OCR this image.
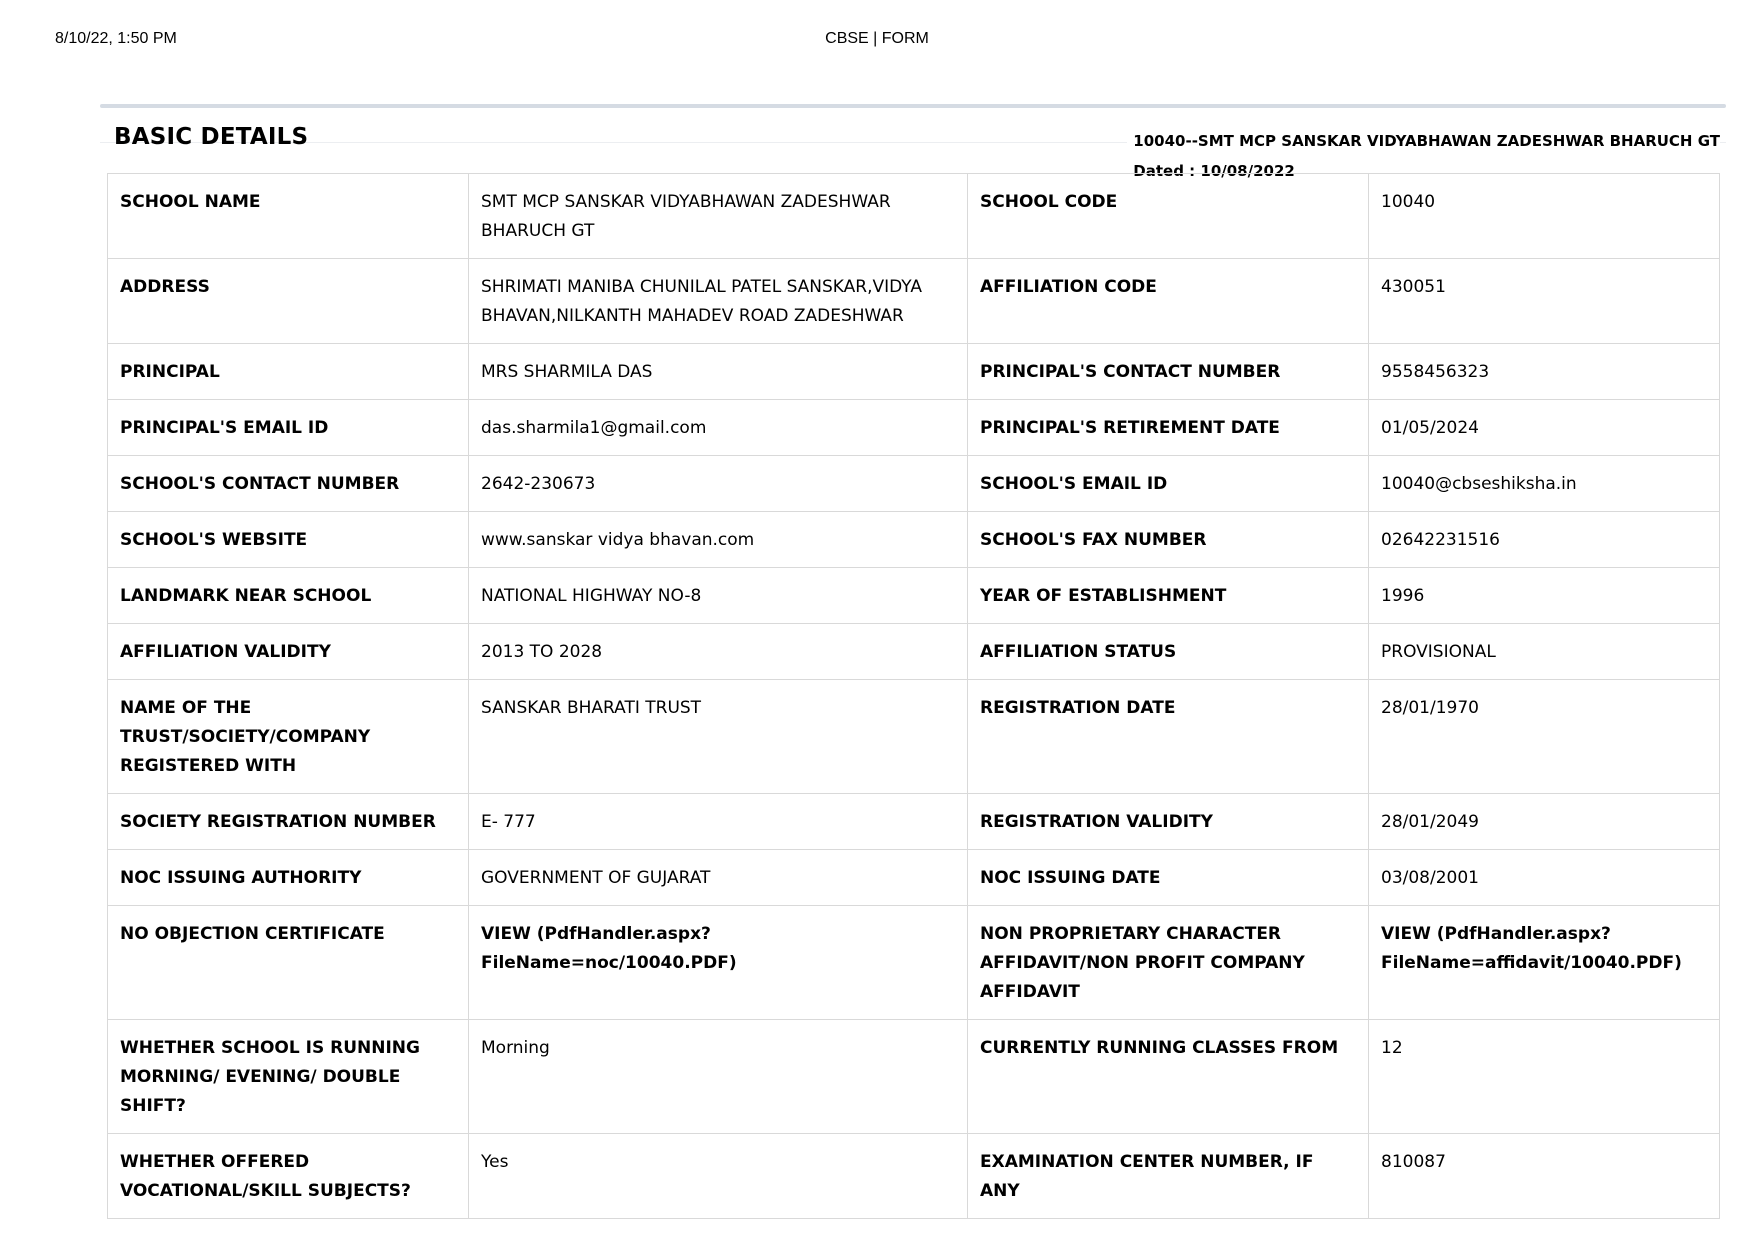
8/10/22, 1:50 PM	CBSE | FORM
BASIC DETAILS	10040--SMT MCP SANSKAR VIDYABHAWAN ZADESHWAR BHARUCH GT
Dated : 10/08/2022
SCHOOL NAME	SMT MCP SANSKAR VIDYABHAWAN ZADESHWAR BHARUCH GT	SCHOOL CODE	10040
ADDRESS	SHRIMATI MANIBA CHUNILAL PATEL SANSKAR,VIDYA BHAVAN,NILKANTH MAHADEV ROAD ZADESHWAR	AFFILIATION CODE	430051
PRINCIPAL	MRS SHARMILA DAS	PRINCIPAL'S CONTACT NUMBER	9558456323
PRINCIPAL'S EMAIL ID	das.sharmila1@gmail.com	PRINCIPAL'S RETIREMENT DATE	01/05/2024
SCHOOL'S CONTACT NUMBER	2642-230673	SCHOOL'S EMAIL ID	10040@cbseshiksha.in
SCHOOL'S WEBSITE	www.sanskar vidya bhavan.com	SCHOOL'S FAX NUMBER	02642231516
LANDMARK NEAR SCHOOL	NATIONAL HIGHWAY NO-8	YEAR OF ESTABLISHMENT	1996
AFFILIATION VALIDITY	2013 TO 2028	AFFILIATION STATUS	PROVISIONAL
NAME OF THE TRUST/SOCIETY/COMPANY REGISTERED WITH	SANSKAR BHARATI TRUST	REGISTRATION DATE	28/01/1970
SOCIETY REGISTRATION NUMBER	E- 777	REGISTRATION VALIDITY	28/01/2049
NOC ISSUING AUTHORITY	GOVERNMENT OF GUJARAT	NOC ISSUING DATE	03/08/2001
NO OBJECTION CERTIFICATE	VIEW (PdfHandler.aspx?FileName=noc/10040.PDF)	NON PROPRIETARY CHARACTER AFFIDAVIT/NON PROFIT COMPANY AFFIDAVIT	VIEW (PdfHandler.aspx?FileName=affidavit/10040.PDF)
WHETHER SCHOOL IS RUNNING MORNING/ EVENING/ DOUBLE SHIFT?	Morning	CURRENTLY RUNNING CLASSES FROM	12
WHETHER OFFERED VOCATIONAL/SKILL SUBJECTS?	Yes	EXAMINATION CENTER NUMBER, IF ANY	810087
